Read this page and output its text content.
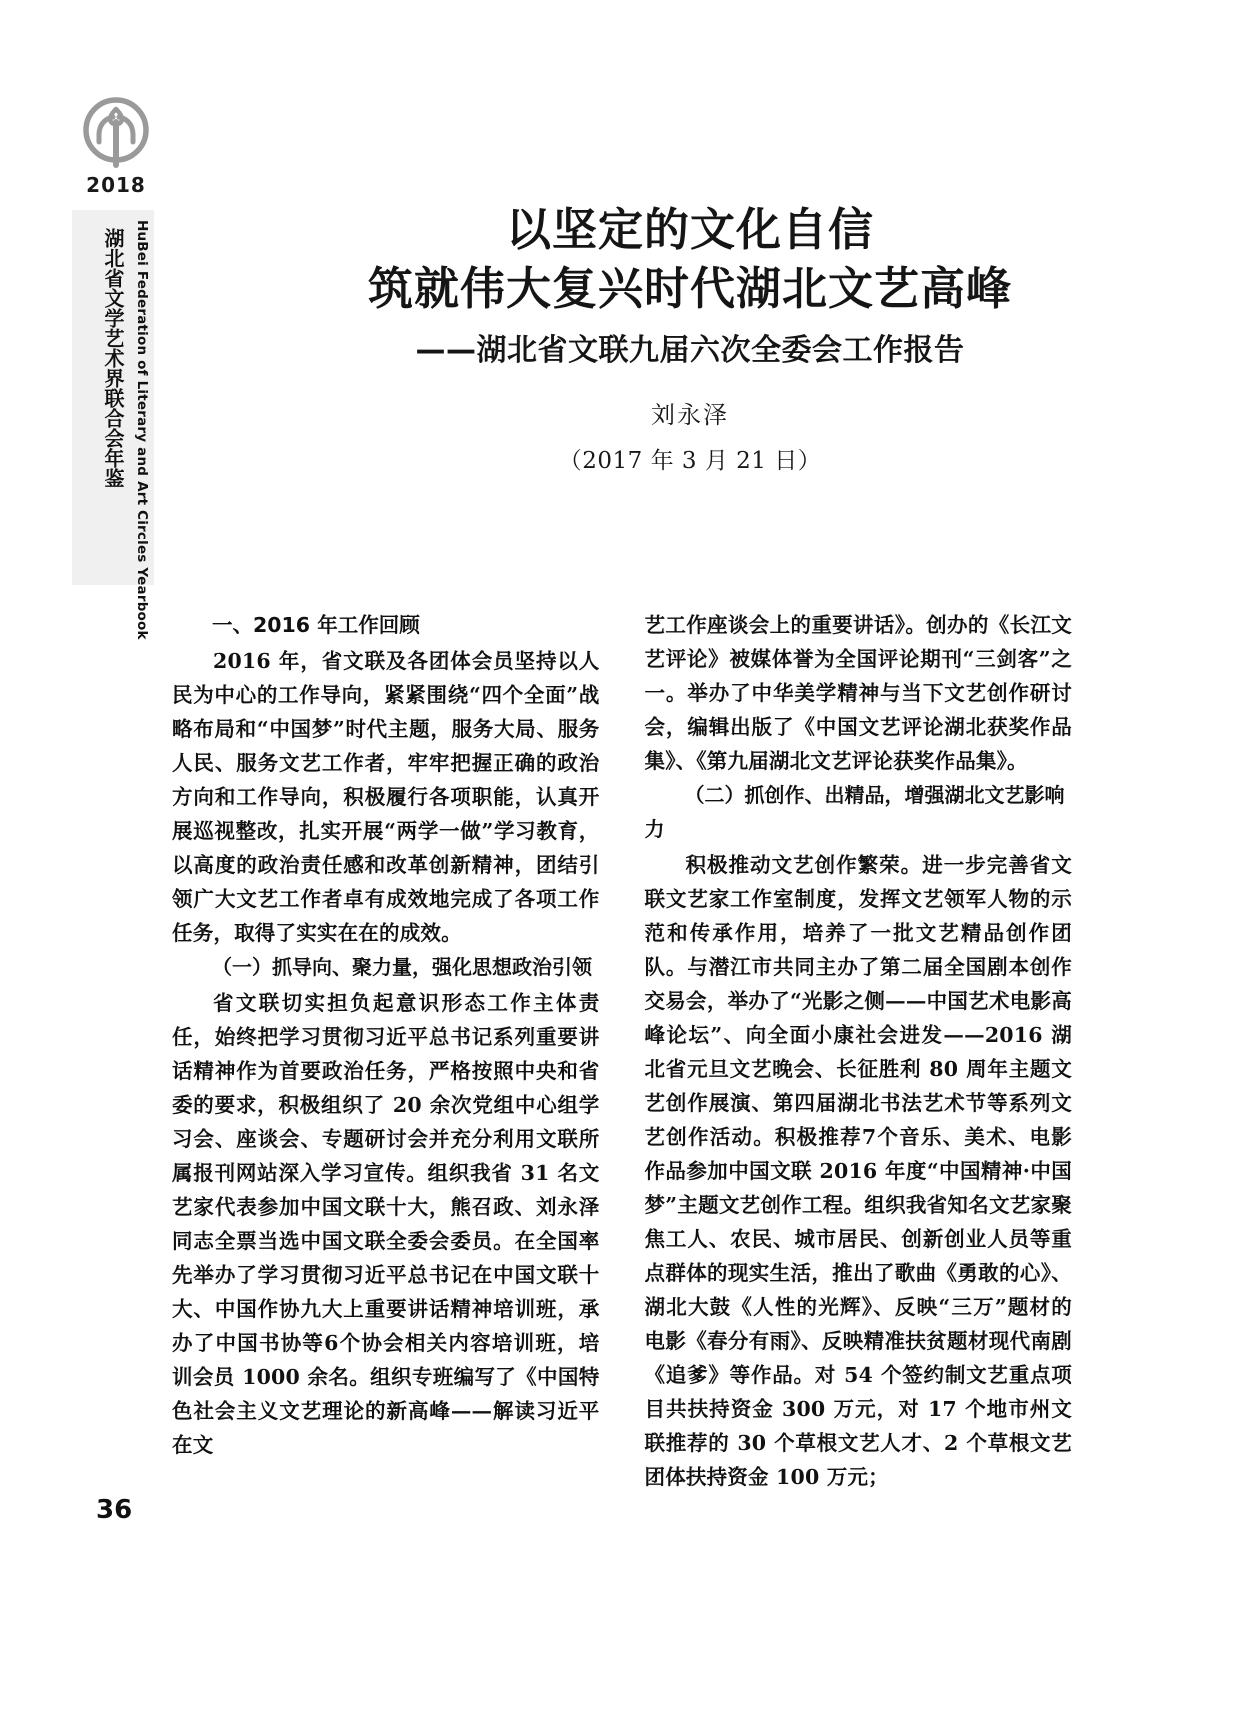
2018
HuBei Federation of Literary and Art Circles Yearbook
湖北省文学艺术界联合会年鉴	以坚定的文化自信
筑就伟大复兴时代湖北文艺高峰
——湖北省文联九届六次全委会工作报告
刘永泽
（2017 年 3 月 21 日）
一、2016 年工作回顾
2016 年，省文联及各团体会员坚持以人民为中心的工作导向，紧紧围绕“四个全面”战略布局和“中国梦”时代主题，服务大局、服务人民、服务文艺工作者，牢牢把握正确的政治方向和工作导向，积极履行各项职能，认真开展巡视整改，扎实开展“两学一做”学习教育，以高度的政治责任感和改革创新精神，团结引领广大文艺工作者卓有成效地完成了各项工作任务，取得了实实在在的成效。
（一）抓导向、聚力量，强化思想政治引领
省文联切实担负起意识形态工作主体责任，始终把学习贯彻习近平总书记系列重要讲话精神作为首要政治任务，严格按照中央和省委的要求，积极组织了 20 余次党组中心组学习会、座谈会、专题研讨会并充分利用文联所属报刊网站深入学习宣传。组织我省 31 名文艺家代表参加中国文联十大，熊召政、刘永泽同志全票当选中国文联全委会委员。在全国率先举办了学习贯彻习近平总书记在中国文联十大、中国作协九大上重要讲话精神培训班，承办了中国书协等6个协会相关内容培训班，培训会员 1000 余名。组织专班编写了《中国特色社会主义文艺理论的新高峰——解读习近平在文
艺工作座谈会上的重要讲话》。创办的《长江文艺评论》被媒体誉为全国评论期刊“三剑客”之一。举办了中华美学精神与当下文艺创作研讨会，编辑出版了《中国文艺评论湖北获奖作品集》、《第九届湖北文艺评论获奖作品集》。
（二）抓创作、出精品，增强湖北文艺影响力
积极推动文艺创作繁荣。进一步完善省文联文艺家工作室制度，发挥文艺领军人物的示范和传承作用，培养了一批文艺精品创作团队。与潜江市共同主办了第二届全国剧本创作交易会，举办了“光影之侧——中国艺术电影高峰论坛”、向全面小康社会进发——2016 湖北省元旦文艺晚会、长征胜利 80 周年主题文艺创作展演、第四届湖北书法艺术节等系列文艺创作活动。积极推荐7个音乐、美术、电影作品参加中国文联 2016 年度“中国精神·中国梦”主题文艺创作工程。组织我省知名文艺家聚焦工人、农民、城市居民、创新创业人员等重点群体的现实生活，推出了歌曲《勇敢的心》、湖北大鼓《人性的光辉》、反映“三万”题材的电影《春分有雨》、反映精准扶贫题材现代南剧《追爹》等作品。对 54 个签约制文艺重点项目共扶持资金 300 万元，对 17 个地市州文联推荐的 30 个草根文艺人才、2 个草根文艺团体扶持资金 100 万元；
36
